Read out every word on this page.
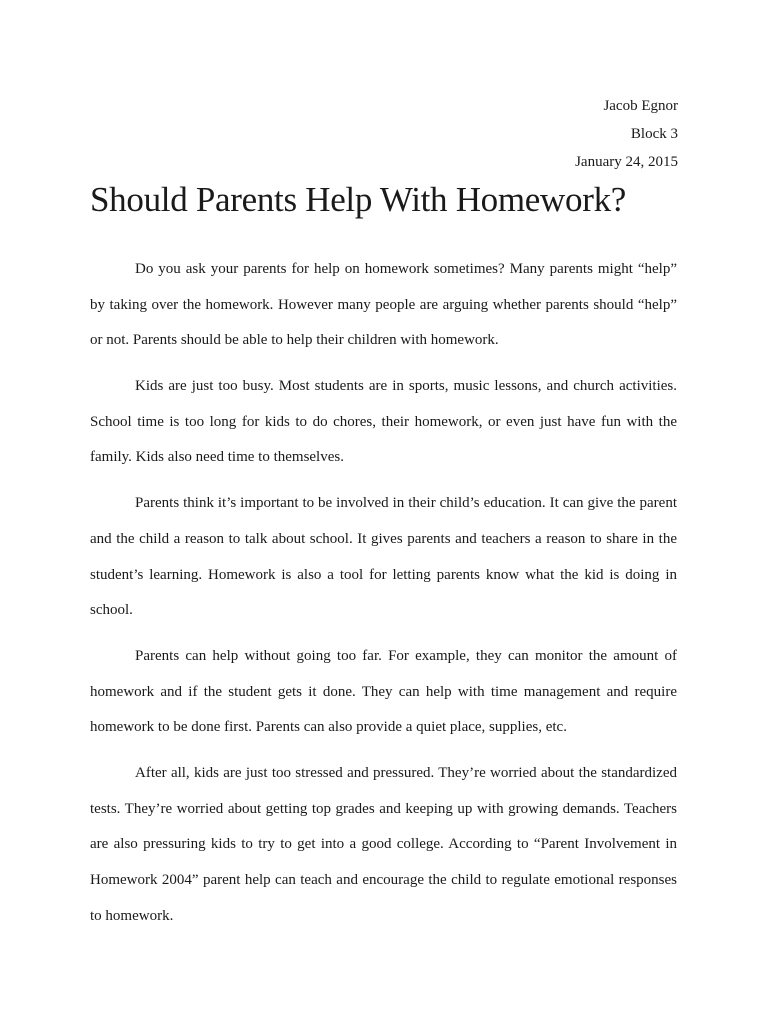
Jacob Egnor
Block 3
January 24, 2015
Should Parents Help With Homework?

Do you ask your parents for help on homework sometimes? Many parents might “help” by taking over the homework. However many people are arguing whether parents should “help” or not. Parents should be able to help their children with homework.

Kids are just too busy. Most students are in sports, music lessons, and church activities. School time is too long for kids to do chores, their homework, or even just have fun with the family. Kids also need time to themselves.

Parents think it’s important to be involved in their child’s education. It can give the parent and the child a reason to talk about school. It gives parents and teachers a reason to share in the student’s learning. Homework is also a tool for letting parents know what the kid is doing in school.

Parents can help without going too far. For example, they can monitor the amount of homework and if the student gets it done. They can help with time management and require homework to be done first. Parents can also provide a quiet place, supplies, etc.

After all, kids are just too stressed and pressured. They’re worried about the standardized tests. They’re worried about getting top grades and keeping up with growing demands. Teachers are also pressuring kids to try to get into a good college. According to “Parent Involvement in Homework 2004” parent help can teach and encourage the child to regulate emotional responses to homework.
